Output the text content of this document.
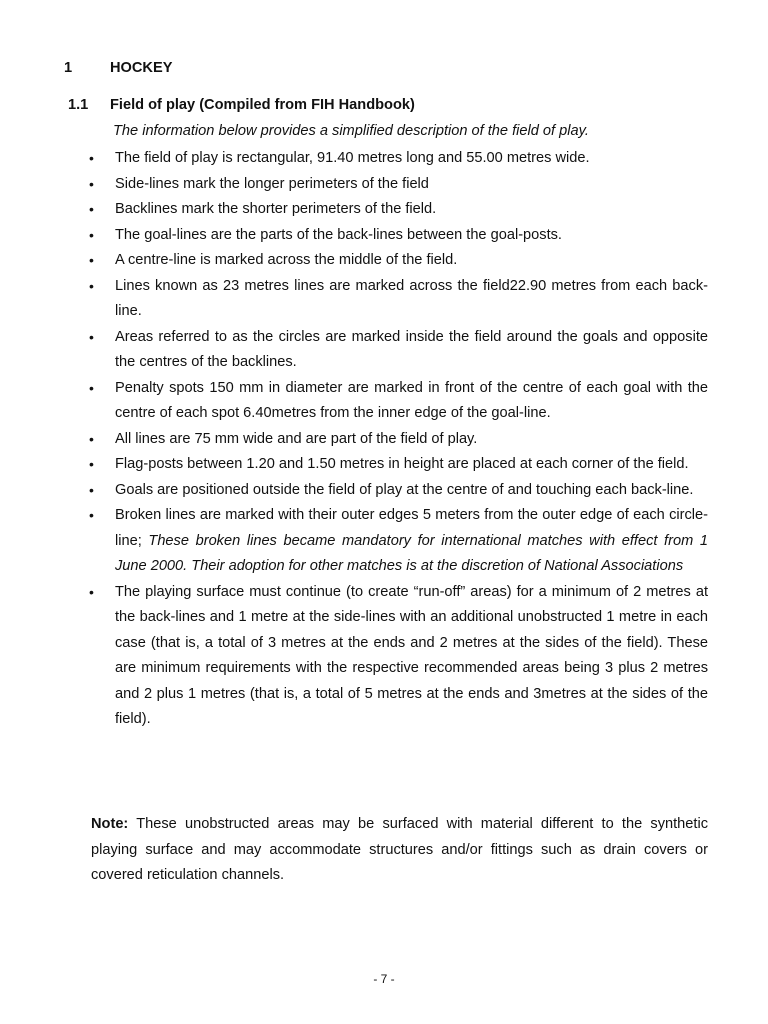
1	HOCKEY
1.1 Field of play (Compiled from FIH Handbook)
The information below provides a simplified description of the field of play.
•	The field of play is rectangular, 91.40 metres long and 55.00 metres wide.
•	Side-lines mark the longer perimeters of the field
•	Backlines mark the shorter perimeters of the field.
•	The goal-lines are the parts of the back-lines between the goal-posts.
•	A centre-line is marked across the middle of the field.
•	Lines known as 23 metres lines are marked across the field22.90 metres from each back-line.
•	Areas referred to as the circles are marked inside the field around the goals and opposite the centres of the backlines.
•	Penalty spots 150 mm in diameter are marked in front of the centre of each goal with the centre of each spot 6.40metres from the inner edge of the goal-line.
•	All lines are 75 mm wide and are part of the field of play.
•	Flag-posts between 1.20 and 1.50 metres in height are placed at each corner of the field.
•	Goals are positioned outside the field of play at the centre of and touching each back-line.
•	Broken lines are marked with their outer edges 5 meters from the outer edge of each circle-line; These broken lines became mandatory for international matches with effect from 1 June 2000. Their adoption for other matches is at the discretion of National Associations
•	The playing surface must continue (to create “run-off” areas) for a minimum of 2 metres at the back-lines and 1 metre at the side-lines with an additional unobstructed 1 metre in each case (that is, a total of 3 metres at the ends and 2 metres at the sides of the field). These are minimum requirements with the respective recommended areas being 3 plus 2 metres and 2 plus 1 metres (that is, a total of 5 metres at the ends and 3metres at the sides of the field).
Note: These unobstructed areas may be surfaced with material different to the synthetic playing surface and may accommodate structures and/or fittings such as drain covers or covered reticulation channels.
- 7 -
